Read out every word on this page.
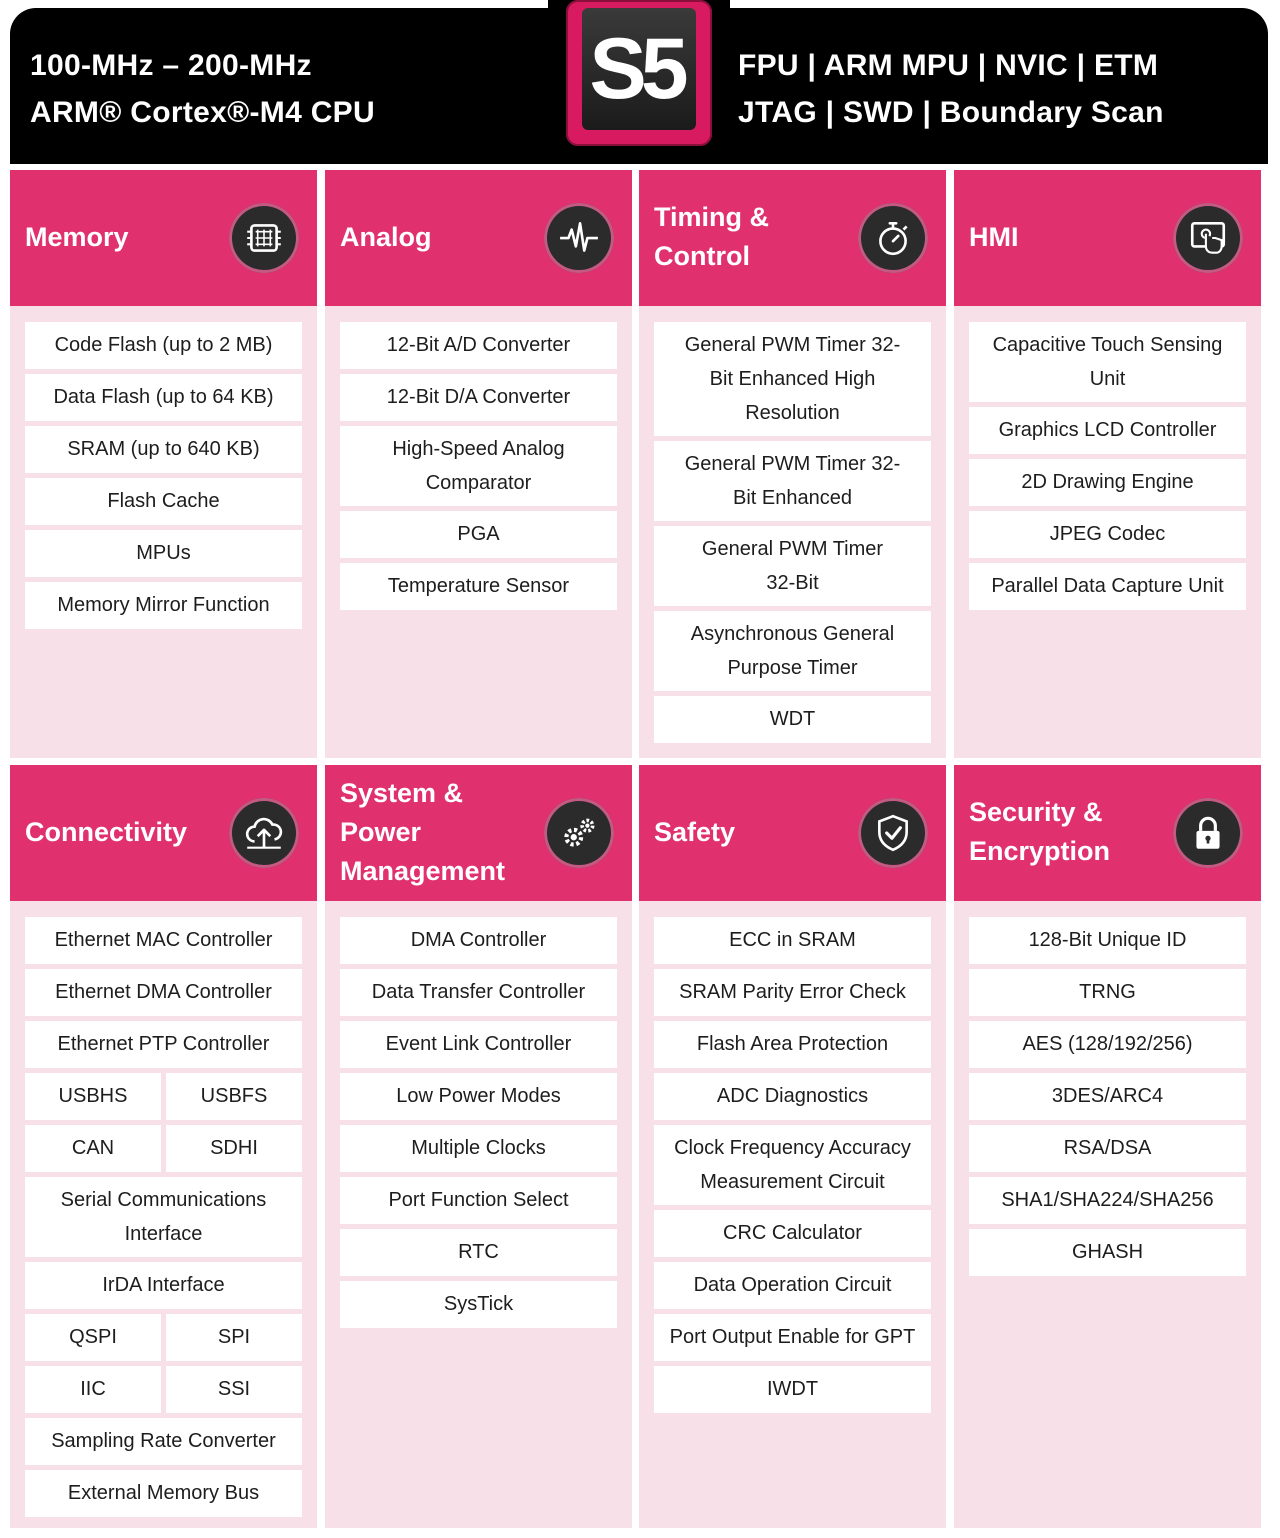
100-MHz – 200-MHz
ARM® Cortex®-M4 CPU
FPU | ARM MPU | NVIC | ETM
JTAG | SWD | Boundary Scan
S5
Memory
Code Flash (up to 2 MB)
Data Flash (up to 64 KB)
SRAM (up to 640 KB)
Flash Cache
MPUs
Memory Mirror Function
Analog
12-Bit A/D Converter
12-Bit D/A Converter
High-Speed Analog Comparator
PGA
Temperature Sensor
Timing &
Control
General PWM Timer 32-Bit Enhanced High Resolution
General PWM Timer 32-Bit Enhanced
General PWM Timer 32-Bit
Asynchronous General Purpose Timer
WDT
HMI
Capacitive Touch Sensing Unit
Graphics LCD Controller
2D Drawing Engine
JPEG Codec
Parallel Data Capture Unit
Connectivity
Ethernet MAC Controller
Ethernet DMA Controller
Ethernet PTP Controller
USBHS	USBFS
CAN	SDHI
Serial Communications Interface
IrDA Interface
QSPI	SPI
IIC	SSI
Sampling Rate Converter
External Memory Bus
System &
Power
Management
DMA Controller
Data Transfer Controller
Event Link Controller
Low Power Modes
Multiple Clocks
Port Function Select
RTC
SysTick
Safety
ECC in SRAM
SRAM Parity Error Check
Flash Area Protection
ADC Diagnostics
Clock Frequency Accuracy Measurement Circuit
CRC Calculator
Data Operation Circuit
Port Output Enable for GPT
IWDT
Security &
Encryption
128-Bit Unique ID
TRNG
AES (128/192/256)
3DES/ARC4
RSA/DSA
SHA1/SHA224/SHA256
GHASH
